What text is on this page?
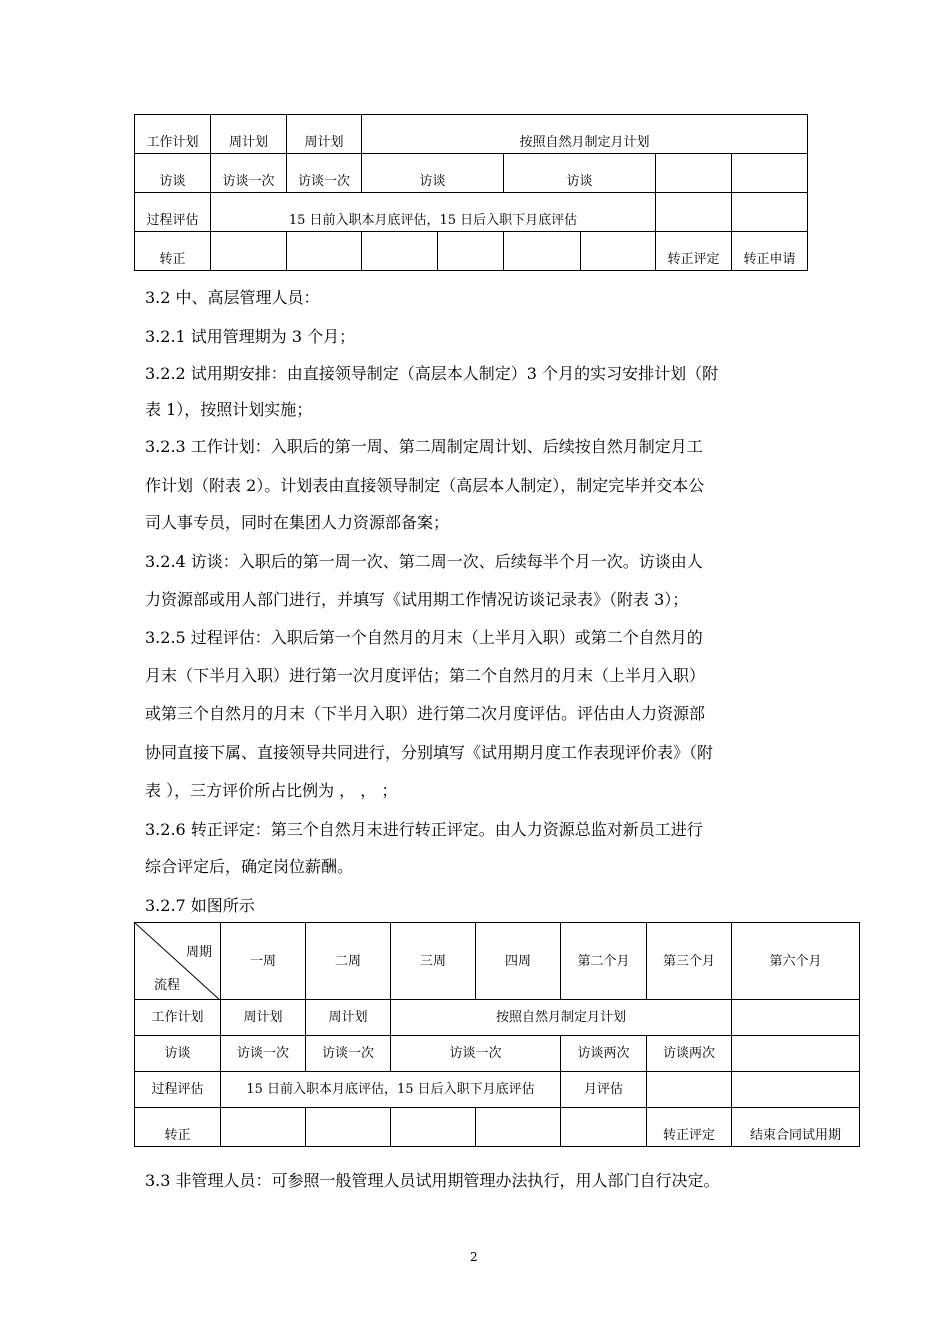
工作计划	周计划	周计划	按照自然月制定月计划					
访谈	访谈一次	访谈一次	访谈		访谈			
过程评估	15 日前入职本月底评估，15 日后入职下月底评估							
转正							转正评定	转正申请
3.2 中、高层管理人员：
3.2.1 试用管理期为 3 个月；
3.2.2 试用期安排：由直接领导制定（高层本人制定）3 个月的实习安排计划（附
表 1），按照计划实施；
3.2.3 工作计划：入职后的第一周、第二周制定周计划、后续按自然月制定月工
作计划（附表 2）。计划表由直接领导制定（高层本人制定），制定完毕并交本公
司人事专员，同时在集团人力资源部备案；
3.2.4 访谈：入职后的第一周一次、第二周一次、后续每半个月一次。访谈由人
力资源部或用人部门进行，并填写《试用期工作情况访谈记录表》（附表 3）；
3.2.5 过程评估：入职后第一个自然月的月末（上半月入职）或第二个自然月的
月末（下半月入职）进行第一次月度评估；第二个自然月的月末（上半月入职）
或第三个自然月的月末（下半月入职）进行第二次月度评估。评估由人力资源部
协同直接下属、直接领导共同进行，分别填写《试用期月度工作表现评价表》（附
表 ），三方评价所占比例为 ， ， ；
3.2.6 转正评定：第三个自然月末进行转正评定。由人力资源总监对新员工进行
综合评定后，确定岗位薪酬。
3.2.7 如图所示
周期
流程	一周	二周	三周	四周	第二个月	第三个月	第六个月
工作计划	周计划	周计划	按照自然月制定月计划				
访谈	访谈一次	访谈一次	访谈一次		访谈两次	访谈两次	
过程评估	15 日前入职本月底评估，15 日后入职下月底评估				月评估		
转正						转正评定	结束合同试用期
3.3 非管理人员：可参照一般管理人员试用期管理办法执行，用人部门自行决定。
2
